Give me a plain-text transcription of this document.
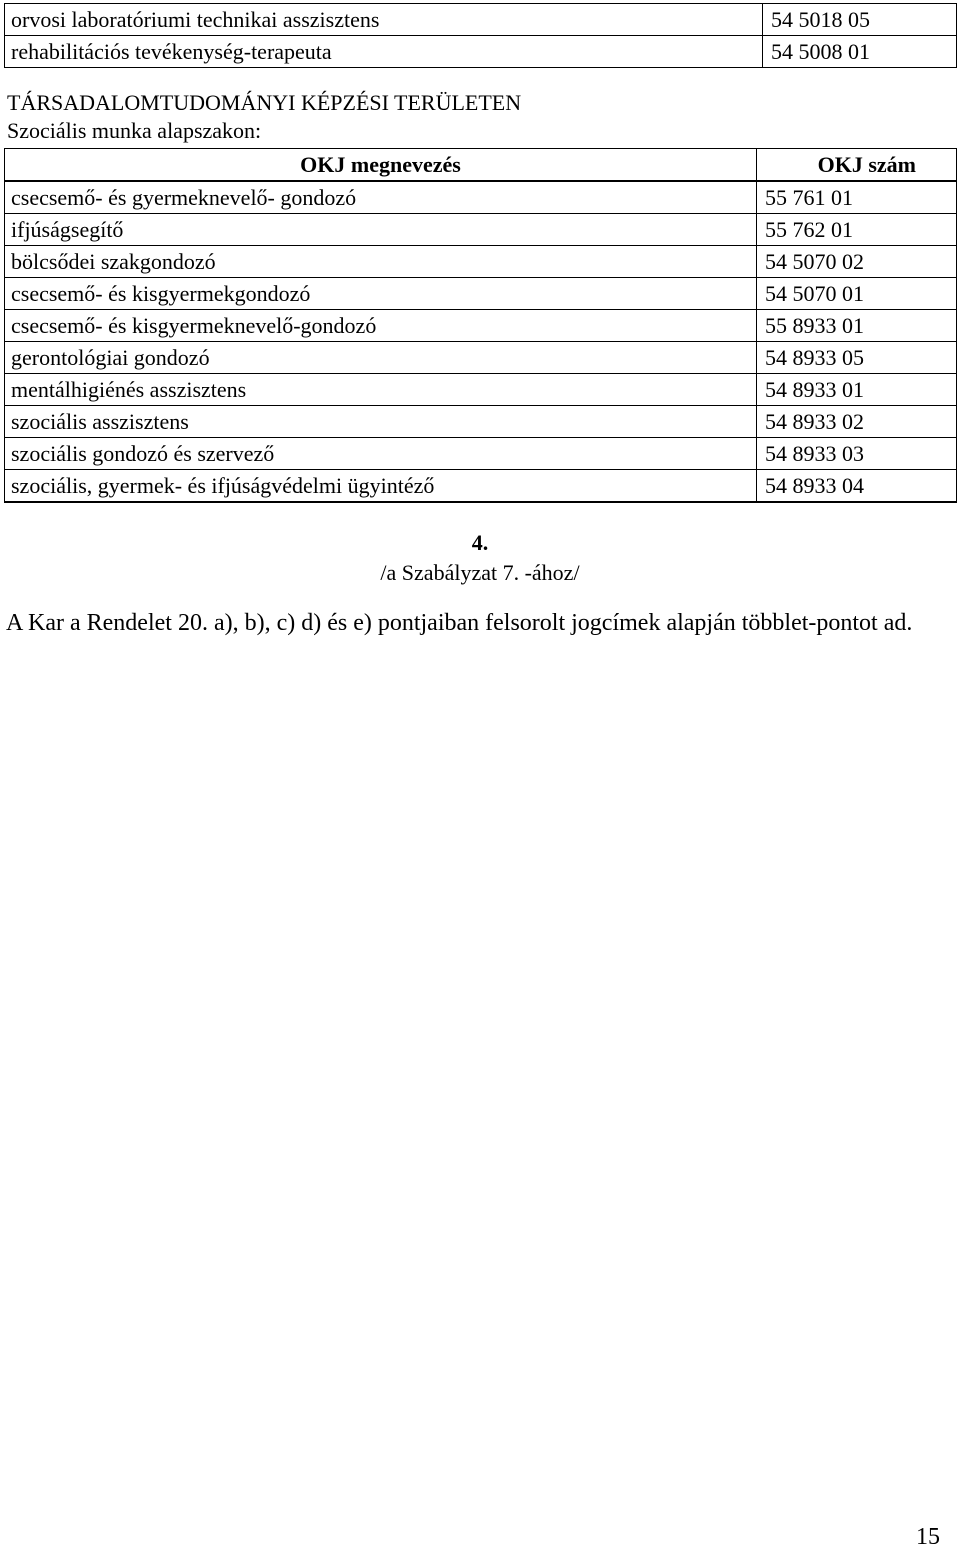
orvosi laboratóriumi technikai asszisztens	54 5018 05
rehabilitációs tevékenység-terapeuta	54 5008 01
TÁRSADALOMTUDOMÁNYI KÉPZÉSI TERÜLETEN
Szociális munka alapszakon:
OKJ megnevezés	OKJ szám
csecsemő- és gyermeknevelő- gondozó	55 761 01
ifjúságsegítő	55 762 01
bölcsődei szakgondozó	54 5070 02
csecsemő- és kisgyermekgondozó	54 5070 01
csecsemő- és kisgyermeknevelő-gondozó	55 8933 01
gerontológiai gondozó	54 8933 05
mentálhigiénés asszisztens	54 8933 01
szociális asszisztens	54 8933 02
szociális gondozó és szervező	54 8933 03
szociális, gyermek- és ifjúságvédelmi ügyintéző	54 8933 04
4.
/a Szabályzat 7. -ához/
A Kar a Rendelet 20. a), b), c) d) és e) pontjaiban felsorolt jogcímek alapján többlet-pontot ad.
15
